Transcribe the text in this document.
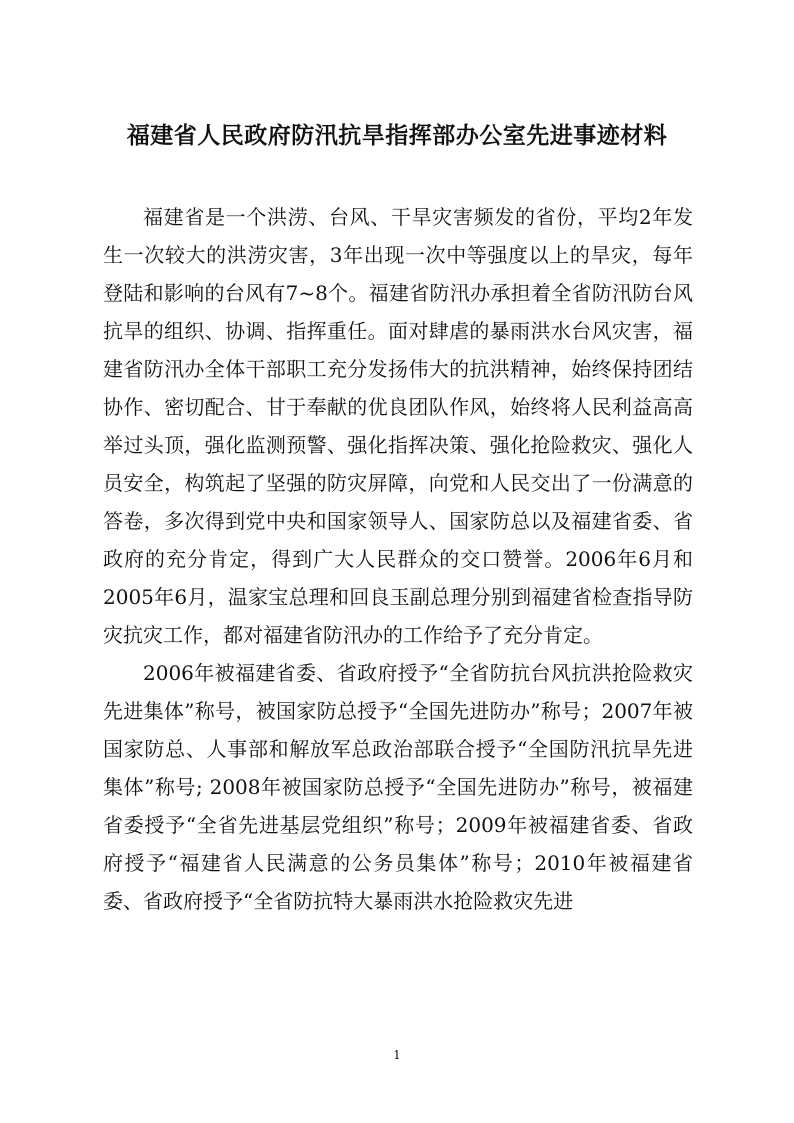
福建省人民政府防汛抗旱指挥部办公室先进事迹材料

福建省是一个洪涝、台风、干旱灾害频发的省份，平均2年发生一次较大的洪涝灾害，3年出现一次中等强度以上的旱灾，每年登陆和影响的台风有7~8个。福建省防汛办承担着全省防汛防台风抗旱的组织、协调、指挥重任。面对肆虐的暴雨洪水台风灾害，福建省防汛办全体干部职工充分发扬伟大的抗洪精神，始终保持团结协作、密切配合、甘于奉献的优良团队作风，始终将人民利益高高举过头顶，强化监测预警、强化指挥决策、强化抢险救灾、强化人员安全，构筑起了坚强的防灾屏障，向党和人民交出了一份满意的答卷，多次得到党中央和国家领导人、国家防总以及福建省委、省政府的充分肯定，得到广大人民群众的交口赞誉。2006年6月和2005年6月，温家宝总理和回良玉副总理分别到福建省检查指导防灾抗灾工作，都对福建省防汛办的工作给予了充分肯定。

2006年被福建省委、省政府授予“全省防抗台风抗洪抢险救灾先进集体”称号，被国家防总授予“全国先进防办”称号；2007年被国家防总、人事部和解放军总政治部联合授予“全国防汛抗旱先进集体”称号; 2008年被国家防总授予“全国先进防办”称号，被福建省委授予“全省先进基层党组织”称号；2009年被福建省委、省政府授予“福建省人民满意的公务员集体”称号；2010年被福建省委、省政府授予“全省防抗特大暴雨洪水抢险救灾先进

1
